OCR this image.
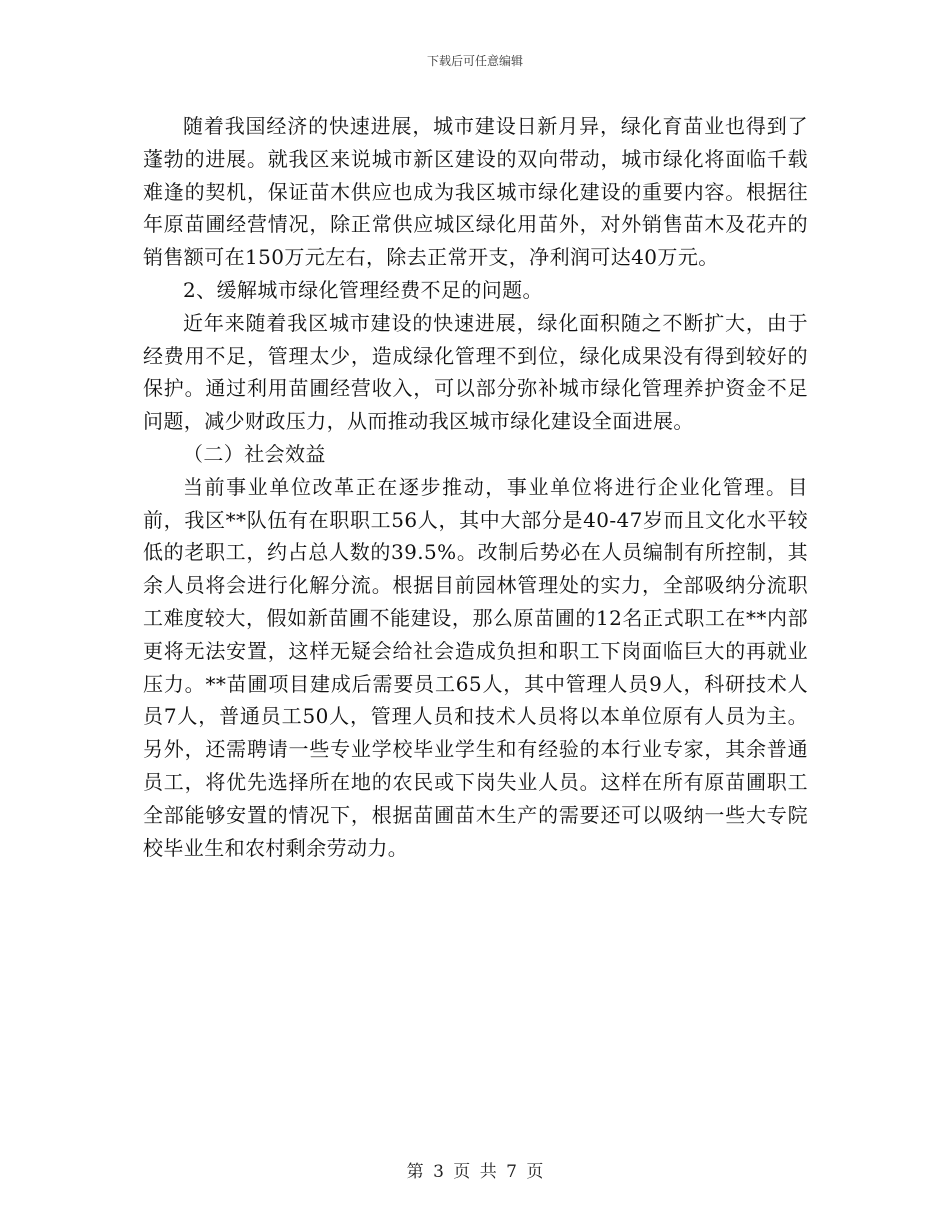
下载后可任意编辑

随着我国经济的快速进展，城市建设日新月异，绿化育苗业也得到了蓬勃的进展。就我区来说城市新区建设的双向带动，城市绿化将面临千载难逢的契机，保证苗木供应也成为我区城市绿化建设的重要内容。根据往年原苗圃经营情况，除正常供应城区绿化用苗外，对外销售苗木及花卉的销售额可在150万元左右，除去正常开支，净利润可达40万元。

2、缓解城市绿化管理经费不足的问题。

近年来随着我区城市建设的快速进展，绿化面积随之不断扩大，由于经费用不足，管理太少，造成绿化管理不到位，绿化成果没有得到较好的保护。通过利用苗圃经营收入，可以部分弥补城市绿化管理养护资金不足问题，减少财政压力，从而推动我区城市绿化建设全面进展。

（二）社会效益

当前事业单位改革正在逐步推动，事业单位将进行企业化管理。目前，我区**队伍有在职职工56人，其中大部分是40-47岁而且文化水平较低的老职工，约占总人数的39.5%。改制后势必在人员编制有所控制，其余人员将会进行化解分流。根据目前园林管理处的实力，全部吸纳分流职工难度较大，假如新苗圃不能建设，那么原苗圃的12名正式职工在**内部更将无法安置，这样无疑会给社会造成负担和职工下岗面临巨大的再就业压力。**苗圃项目建成后需要员工65人，其中管理人员9人，科研技术人员7人，普通员工50人，管理人员和技术人员将以本单位原有人员为主。另外，还需聘请一些专业学校毕业学生和有经验的本行业专家，其余普通员工，将优先选择所在地的农民或下岗失业人员。这样在所有原苗圃职工全部能够安置的情况下，根据苗圃苗木生产的需要还可以吸纳一些大专院校毕业生和农村剩余劳动力。

第 3 页 共 7 页
